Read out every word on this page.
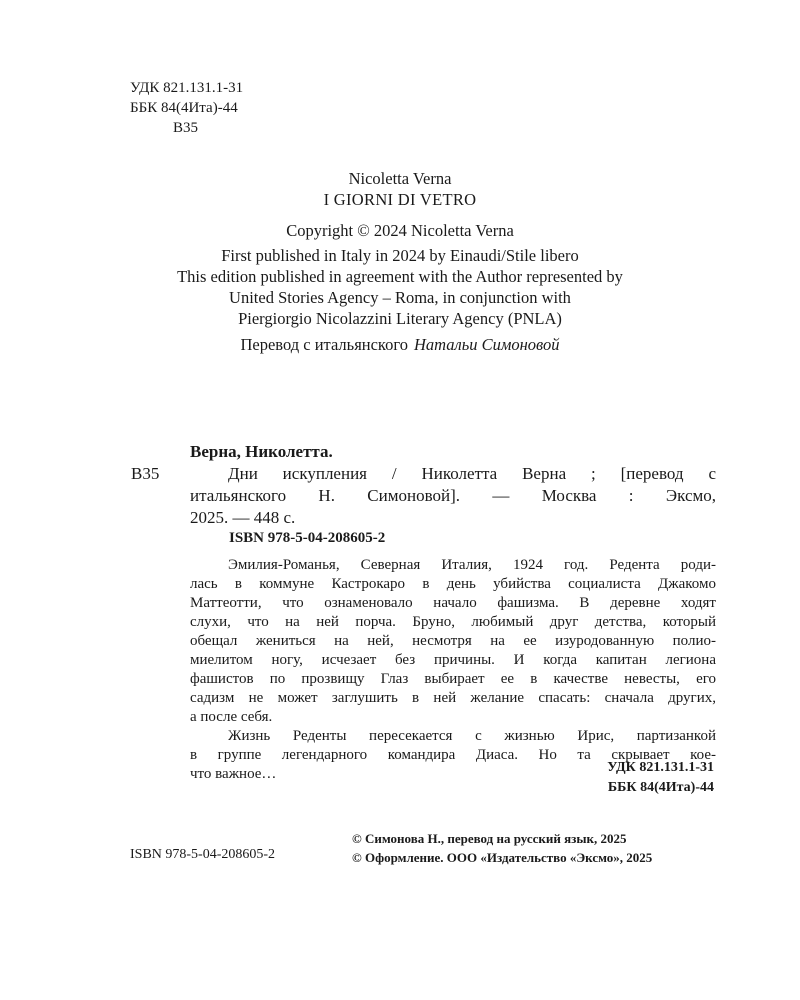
УДК 821.131.1-31
ББК 84(4Ита)-44
В35
Nicoletta Verna
I GIORNI DI VETRO
Copyright © 2024 Nicoletta Verna
First published in Italy in 2024 by Einaudi/Stile libero
This edition published in agreement with the Author represented by
United Stories Agency – Roma, in conjunction with
Piergiorgio Nicolazzini Literary Agency (PNLA)
Перевод с итальянского Натальи Симоновой
Верна, Николетта.
В35	Дни искупления / Николетта Верна ; [перевод с
итальянского Н. Симоновой]. — Москва : Эксмо,
2025. — 448 с.
ISBN 978-5-04-208605-2
Эмилия-Романья, Северная Италия, 1924 год. Редента роди-
лась в коммуне Кастрокаро в день убийства социалиста Джакомо
Маттеотти, что ознаменовало начало фашизма. В деревне ходят
слухи, что на ней порча. Бруно, любимый друг детства, который
обещал жениться на ней, несмотря на ее изуродованную полио-
миелитом ногу, исчезает без причины. И когда капитан легиона
фашистов по прозвищу Глаз выбирает ее в качестве невесты, его
садизм не может заглушить в ней желание спасать: сначала других,
а после себя.
Жизнь Реденты пересекается с жизнью Ирис, партизанкой
в группе легендарного командира Диаса. Но та скрывает кое-
что важное…	УДК 821.131.1-31
ББК 84(4Ита)-44
ISBN 978-5-04-208605-2
© Симонова Н., перевод на русский язык, 2025
© Оформление. ООО «Издательство «Эксмо», 2025
